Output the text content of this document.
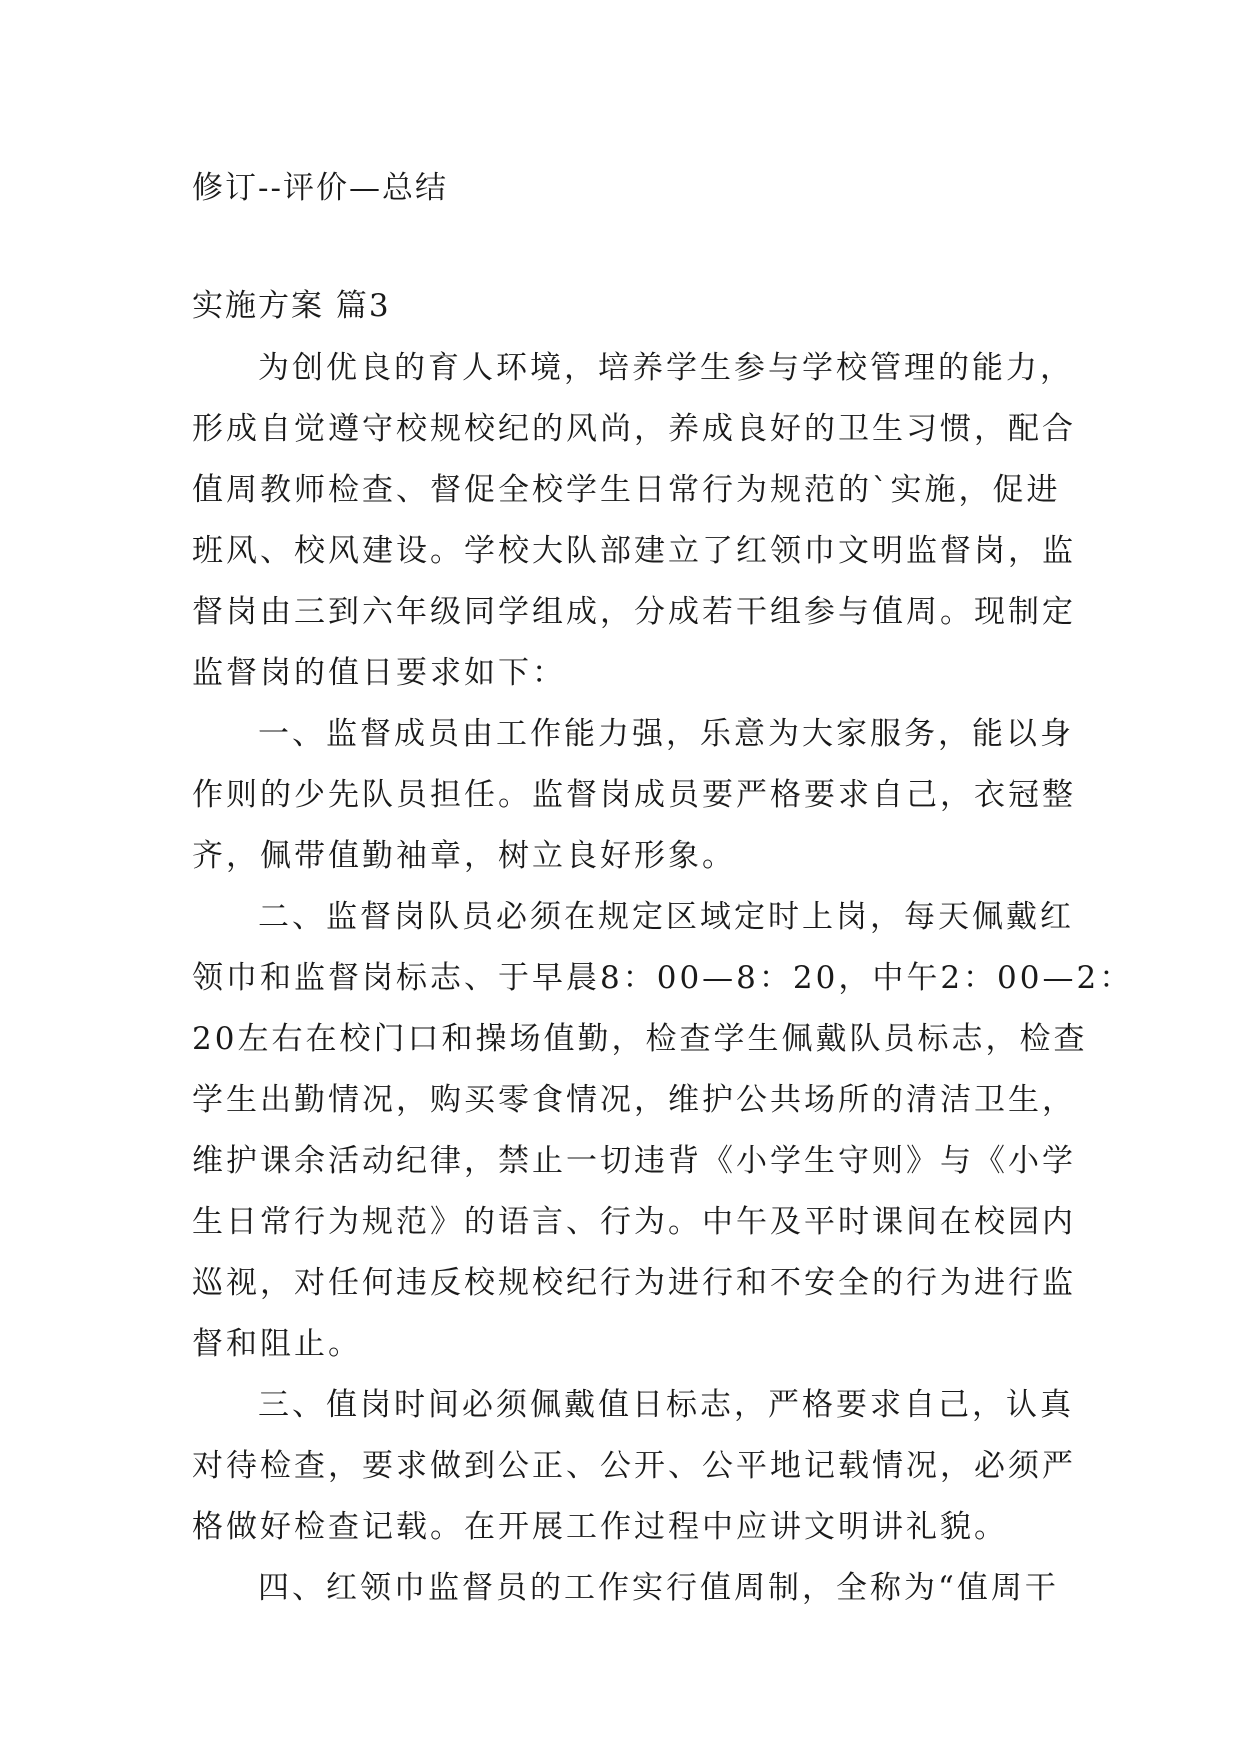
修订--评价—总结
实施方案 篇3
为创优良的育人环境，培养学生参与学校管理的能力，
形成自觉遵守校规校纪的风尚，养成良好的卫生习惯，配合
值周教师检查、督促全校学生日常行为规范的`实施，促进
班风、校风建设。学校大队部建立了红领巾文明监督岗，监
督岗由三到六年级同学组成，分成若干组参与值周。现制定
监督岗的值日要求如下：
一、监督成员由工作能力强，乐意为大家服务，能以身
作则的少先队员担任。监督岗成员要严格要求自己，衣冠整
齐，佩带值勤袖章，树立良好形象。
二、监督岗队员必须在规定区域定时上岗，每天佩戴红
领巾和监督岗标志、于早晨8：00—8：20，中午2：00—2：
20左右在校门口和操场值勤，检查学生佩戴队员标志，检查
学生出勤情况，购买零食情况，维护公共场所的清洁卫生，
维护课余活动纪律，禁止一切违背《小学生守则》与《小学
生日常行为规范》的语言、行为。中午及平时课间在校园内
巡视，对任何违反校规校纪行为进行和不安全的行为进行监
督和阻止。
三、值岗时间必须佩戴值日标志，严格要求自己，认真
对待检查，要求做到公正、公开、公平地记载情况，必须严
格做好检查记载。在开展工作过程中应讲文明讲礼貌。
四、红领巾监督员的工作实行值周制，全称为“值周干
